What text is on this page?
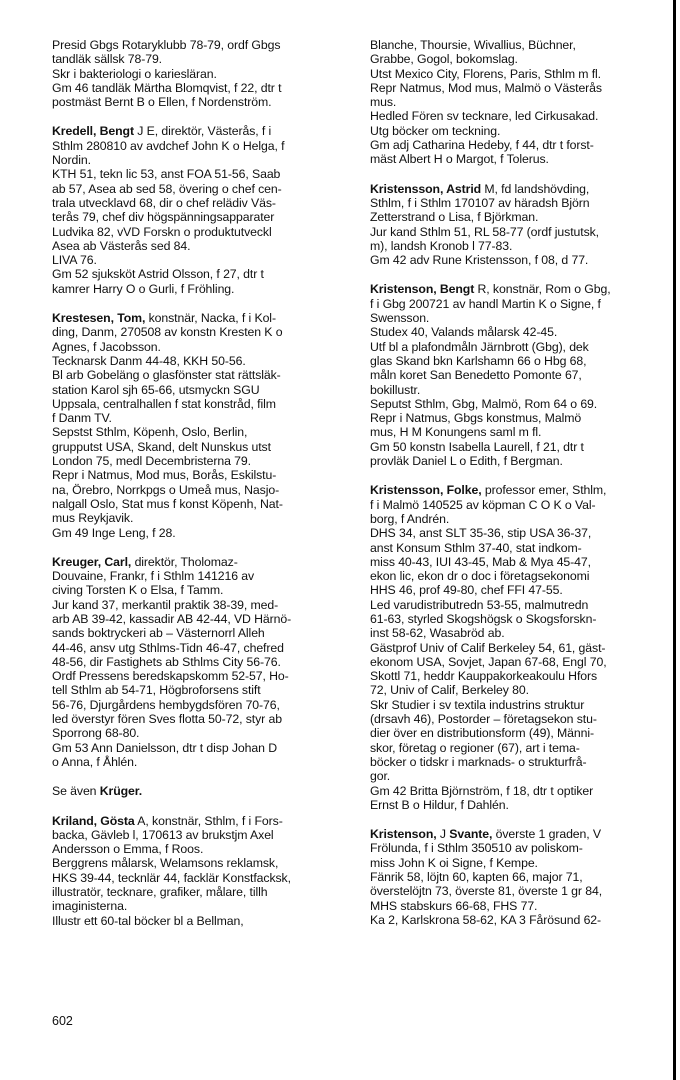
Presid Gbgs Rotaryklubb 78-79, ordf Gbgs
tandläk sällsk 78-79.
Skr i bakteriologi o kariesläran.
Gm 46 tandläk Märtha Blomqvist, f 22, dtr t
postmäst Bernt B o Ellen, f Nordenström.
Kredell, Bengt J E, direktör, Västerås, f i
Sthlm 280810 av avdchef John K o Helga, f
Nordin.
KTH 51, tekn lic 53, anst FOA 51-56, Saab
ab 57, Asea ab sed 58, övering o chef cen-
trala utvecklavd 68, dir o chef relädiv Väs-
terås 79, chef div högspänningsapparater
Ludvika 82, vVD Forskn o produktutveckl
Asea ab Västerås sed 84.
LIVA 76.
Gm 52 sjuksköt Astrid Olsson, f 27, dtr t
kamrer Harry O o Gurli, f Fröhling.
Krestesen, Tom, konstnär, Nacka, f i Kol-
ding, Danm, 270508 av konstn Kresten K o
Agnes, f Jacobsson.
Tecknarsk Danm 44-48, KKH 50-56.
Bl arb Gobeläng o glasfönster stat rättsläk-
station Karol sjh 65-66, utsmyckn SGU
Uppsala, centralhallen f stat konstråd, film
f Danm TV.
Sepstst Sthlm, Köpenh, Oslo, Berlin,
grupputst USA, Skand, delt Nunskus utst
London 75, medl Decembristerna 79.
Repr i Natmus, Mod mus, Borås, Eskilstu-
na, Örebro, Norrkpgs o Umeå mus, Nasjo-
nalgall Oslo, Stat mus f konst Köpenh, Nat-
mus Reykjavik.
Gm 49 Inge Leng, f 28.
Kreuger, Carl, direktör, Tholomaz-
Douvaine, Frankr, f i Sthlm 141216 av
civing Torsten K o Elsa, f Tamm.
Jur kand 37, merkantil praktik 38-39, med-
arb AB 39-42, kassadir AB 42-44, VD Härnö-
sands boktryckeri ab – Västernorrl Alleh
44-46, ansv utg Sthlms-Tidn 46-47, chefred
48-56, dir Fastighets ab Sthlms City 56-76.
Ordf Pressens beredskapskomm 52-57, Ho-
tell Sthlm ab 54-71, Högbroforsens stift
56-76, Djurgårdens hembygdsfören 70-76,
led överstyr fören Sves flotta 50-72, styr ab
Sporrong 68-80.
Gm 53 Ann Danielsson, dtr t disp Johan D
o Anna, f Åhlén.
Se även Krüger.
Kriland, Gösta A, konstnär, Sthlm, f i Fors-
backa, Gävleb l, 170613 av brukstjm Axel
Andersson o Emma, f Roos.
Berggrens målarsk, Welamsons reklamsk,
HKS 39-44, tecknlär 44, facklär Konstfacksk,
illustratör, tecknare, grafiker, målare, tillh
imaginisterna.
Illustr ett 60-tal böcker bl a Bellman,
Blanche, Thoursie, Wivallius, Büchner,
Grabbe, Gogol, bokomslag.
Utst Mexico City, Florens, Paris, Sthlm m fl.
Repr Natmus, Mod mus, Malmö o Västerås
mus.
Hedled Fören sv tecknare, led Cirkusakad.
Utg böcker om teckning.
Gm adj Catharina Hedeby, f 44, dtr t forst-
mäst Albert H o Margot, f Tolerus.
Kristensson, Astrid M, fd landshövding,
Sthlm, f i Sthlm 170107 av häradsh Björn
Zetterstrand o Lisa, f Björkman.
Jur kand Sthlm 51, RL 58-77 (ordf justutsk,
m), landsh Kronob l 77-83.
Gm 42 adv Rune Kristensson, f 08, d 77.
Kristenson, Bengt R, konstnär, Rom o Gbg,
f i Gbg 200721 av handl Martin K o Signe, f
Swensson.
Studex 40, Valands målarsk 42-45.
Utf bl a plafondmåln Järnbrott (Gbg), dek
glas Skand bkn Karlshamn 66 o Hbg 68,
måln koret San Benedetto Pomonte 67,
bokillustr.
Seputst Sthlm, Gbg, Malmö, Rom 64 o 69.
Repr i Natmus, Gbgs konstmus, Malmö
mus, H M Konungens saml m fl.
Gm 50 konstn Isabella Laurell, f 21, dtr t
provläk Daniel L o Edith, f Bergman.
Kristensson, Folke, professor emer, Sthlm,
f i Malmö 140525 av köpman C O K o Val-
borg, f Andrén.
DHS 34, anst SLT 35-36, stip USA 36-37,
anst Konsum Sthlm 37-40, stat indkom-
miss 40-43, IUI 43-45, Mab & Mya 45-47,
ekon lic, ekon dr o doc i företagsekonomi
HHS 46, prof 49-80, chef FFI 47-55.
Led varudistributredn 53-55, malmutredn
61-63, styrled Skogshögsk o Skogsforskn-
inst 58-62, Wasabröd ab.
Gästprof Univ of Calif Berkeley 54, 61, gäst-
ekonom USA, Sovjet, Japan 67-68, Engl 70,
Skottl 71, heddr Kauppakorkeakoulu Hfors
72, Univ of Calif, Berkeley 80.
Skr Studier i sv textila industrins struktur
(drsavh 46), Postorder – företagsekon stu-
dier över en distributionsform (49), Männi-
skor, företag o regioner (67), art i tema-
böcker o tidskr i marknads- o strukturfrå-
gor.
Gm 42 Britta Björnström, f 18, dtr t optiker
Ernst B o Hildur, f Dahlén.
Kristenson, J Svante, överste 1 graden, V
Frölunda, f i Sthlm 350510 av poliskom-
miss John K oi Signe, f Kempe.
Fänrik 58, löjtn 60, kapten 66, major 71,
överstelöjtn 73, överste 81, överste 1 gr 84,
MHS stabskurs 66-68, FHS 77.
Ka 2, Karlskrona 58-62, KA 3 Fårösund 62-
602
